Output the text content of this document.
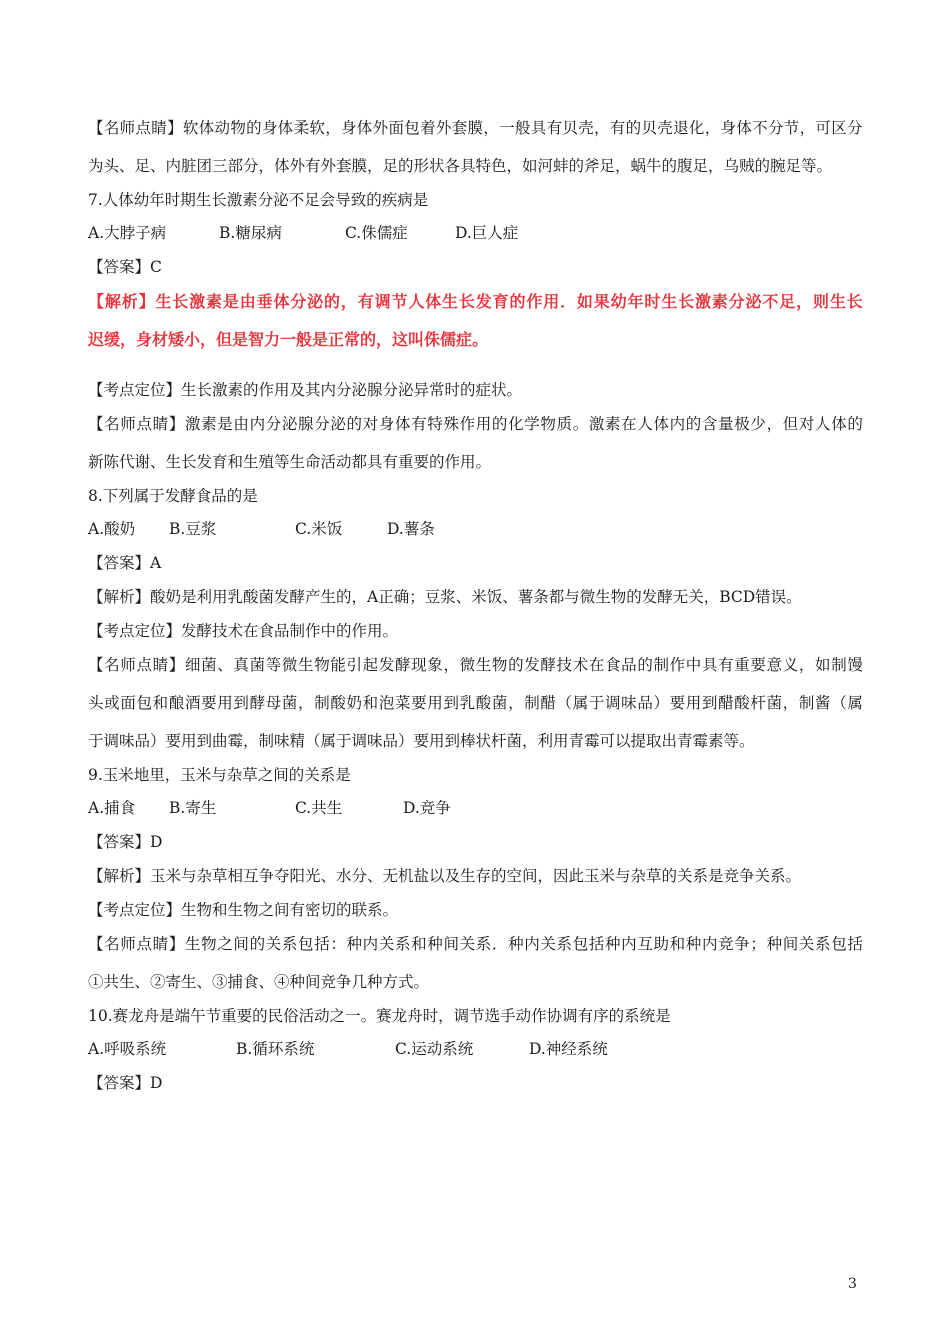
【 名 师 点 睛 】 软 体 动 物 的 身 体 柔 软 ， 身 体 外 面 包 着 外 套 膜 ， 一 般 具 有 贝 壳 ， 有 的 贝 壳 退 化 ， 身 体 不 分 节 ， 可 区 分
为头、足、内脏团三部分，体外有外套膜，足的形状各具特色，如河蚌的斧足，蜗牛的腹足，乌贼的腕足等。
7.人体幼年时期生长激素分泌不足会导致的疾病是
A.大脖子病	B.糖尿病	C.侏儒症	D.巨人症
【答案】C
【 解 析 】 生 长 激 素 是 由 垂 体 分 泌 的 ， 有 调 节 人 体 生 长 发 育 的 作 用 ． 如 果 幼 年 时 生 长 激 素 分 泌 不 足 ， 则 生 长
迟缓，身材矮小，但是智力一般是正常的，这叫侏儒症。
【考点定位】生长激素的作用及其内分泌腺分泌异常时的症状。
【 名 师 点 睛 】 激 素 是 由 内 分 泌 腺 分 泌 的 对 身 体 有 特 殊 作 用 的 化 学 物 质 。 激 素 在 人 体 内 的 含 量 极 少 ， 但 对 人 体 的
新陈代谢、生长发育和生殖等生命活动都具有重要的作用。
8.下列属于发酵食品的是
A.酸奶	B.豆浆	C.米饭	D.薯条
【答案】A
【解析】酸奶是利用乳酸菌发酵产生的，A正确；豆浆、米饭、薯条都与微生物的发酵无关，BCD错误。
【考点定位】发酵技术在食品制作中的作用。
【 名 师 点 睛 】 细 菌 、 真 菌 等 微 生 物 能 引 起 发 酵 现 象 ， 微 生 物 的 发 酵 技 术 在 食 品 的 制 作 中 具 有 重 要 意 义 ， 如 制 馒
头 或 面 包 和 酿 酒 要 用 到 酵 母 菌 ， 制 酸 奶 和 泡 菜 要 用 到 乳 酸 菌 ， 制 醋 （ 属 于 调 味 品 ） 要 用 到 醋 酸 杆 菌 ， 制 酱 （ 属
于调味品）要用到曲霉，制味精（属于调味品）要用到棒状杆菌，利用青霉可以提取出青霉素等。
9.玉米地里，玉米与杂草之间的关系是
A.捕食	B.寄生	C.共生	D.竞争
【答案】D
【解析】玉米与杂草相互争夺阳光、水分、无机盐以及生存的空间，因此玉米与杂草的关系是竞争关系。
【考点定位】生物和生物之间有密切的联系。
【 名 师 点 睛 】 生 物 之 间 的 关 系 包 括 ： 种 内 关 系 和 种 间 关 系 ． 种 内 关 系 包 括 种 内 互 助 和 种 内 竞 争 ； 种 间 关 系 包 括
①共生、②寄生、③捕食、④种间竞争几种方式。
10.赛龙舟是端午节重要的民俗活动之一。赛龙舟时，调节选手动作协调有序的系统是
A.呼吸系统	B.循环系统	C.运动系统	D.神经系统
【答案】D
3
